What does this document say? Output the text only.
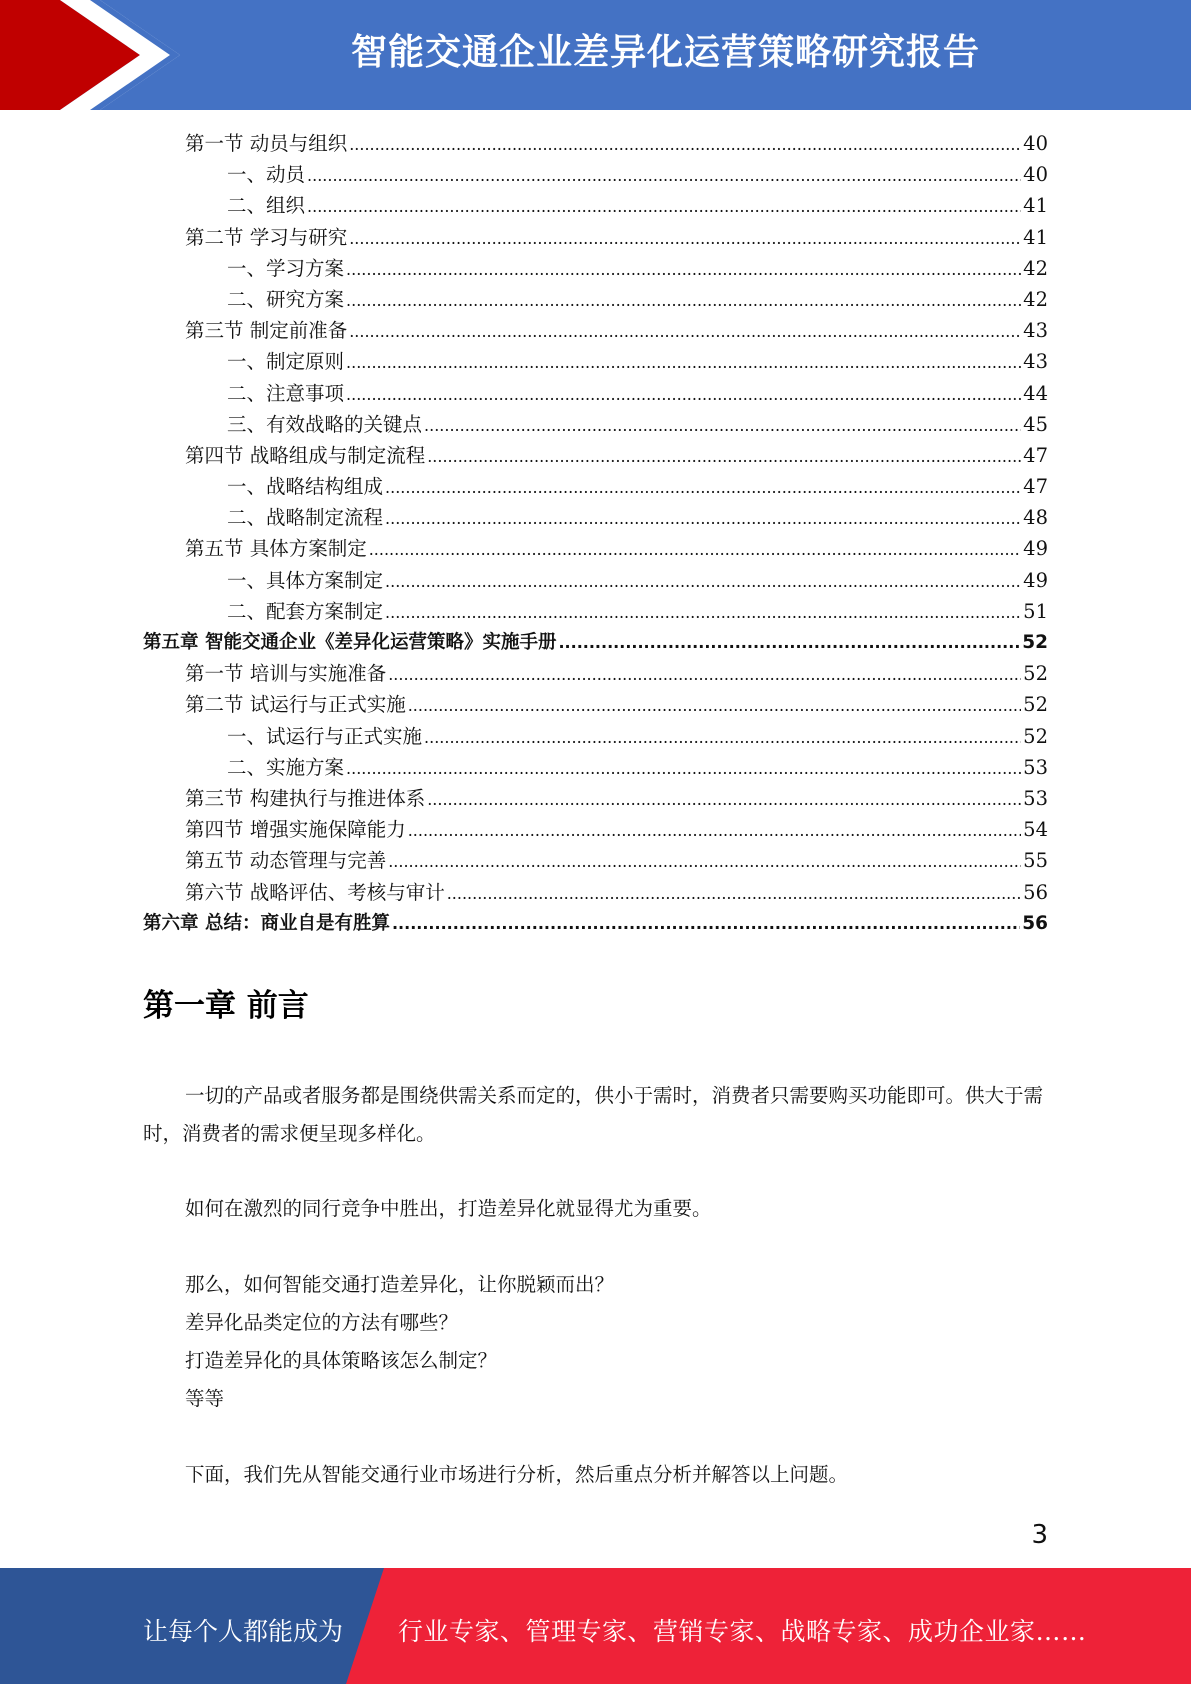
智能交通企业差异化运营策略研究报告
第一节 动员与组织 .....	40
一、动员 .....	40
二、组织 .....	41
第二节 学习与研究 .....	41
一、学习方案 .....	42
二、研究方案 .....	42
第三节 制定前准备 .....	43
一、制定原则 .....	43
二、注意事项 .....	44
三、有效战略的关键点 .....	45
第四节 战略组成与制定流程 .....	47
一、战略结构组成 .....	47
二、战略制定流程 .....	48
第五节 具体方案制定 .....	49
一、具体方案制定 .....	49
二、配套方案制定 .....	51
第五章 智能交通企业《差异化运营策略》实施手册 .....	52
第一节 培训与实施准备 .....	52
第二节 试运行与正式实施 .....	52
一、试运行与正式实施 .....	52
二、实施方案 .....	53
第三节 构建执行与推进体系 .....	53
第四节 增强实施保障能力 .....	54
第五节 动态管理与完善 .....	55
第六节 战略评估、考核与审计 .....	56
第六章 总结：商业自是有胜算 .....	56
第一章 前言

一切的产品或者服务都是围绕供需关系而定的，供小于需时，消费者只需要购买功能即可。供大于需时，消费者的需求便呈现多样化。

如何在激烈的同行竞争中胜出，打造差异化就显得尤为重要。

那么，如何智能交通打造差异化，让你脱颖而出？

差异化品类定位的方法有哪些？

打造差异化的具体策略该怎么制定？

等等

下面，我们先从智能交通行业市场进行分析，然后重点分析并解答以上问题。

3
让每个人都能成为 行业专家、管理专家、营销专家、战略专家、成功企业家……
